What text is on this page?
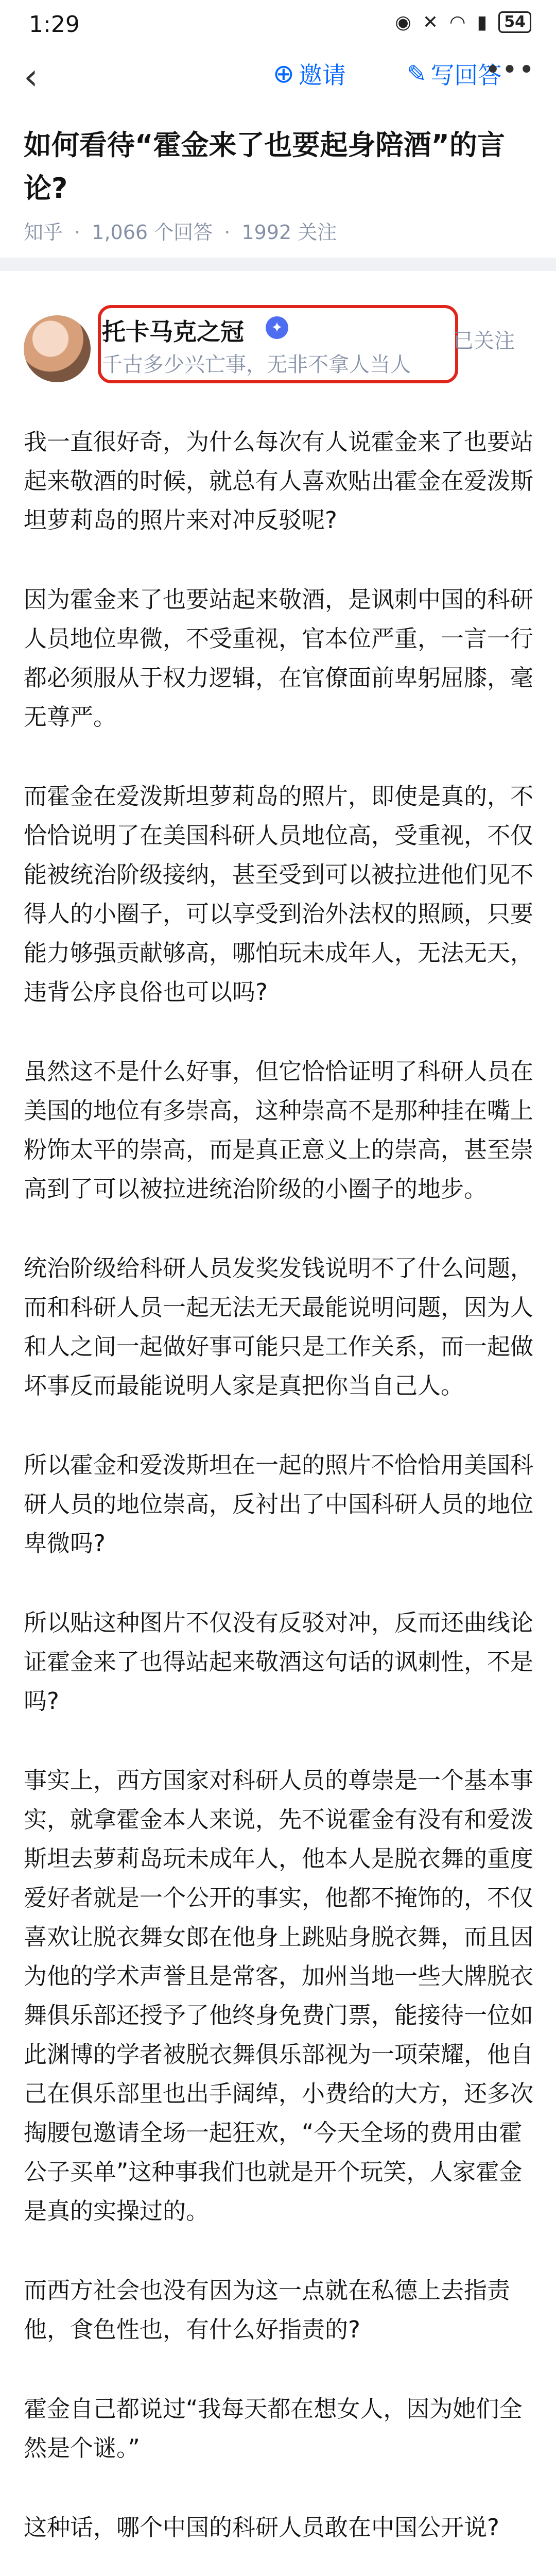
1:29	◉ ✕ ◠ ▮	54
‹	⊕ 邀请	✎ 写回答
•••
如何看待“霍金来了也要起身陪酒”的言论?
知乎 · 1,066 个回答 · 1992 关注
托卡马克之冠	✦
千古多少兴亡事，无非不拿人当人
已关注

我一直很好奇，为什么每次有人说霍金来了也要站起来敬酒的时候，就总有人喜欢贴出霍金在爱泼斯坦萝莉岛的照片来对冲反驳呢?

因为霍金来了也要站起来敬酒，是讽刺中国的科研人员地位卑微，不受重视，官本位严重，一言一行都必须服从于权力逻辑，在官僚面前卑躬屈膝，毫无尊严。

而霍金在爱泼斯坦萝莉岛的照片，即使是真的，不恰恰说明了在美国科研人员地位高，受重视，不仅能被统治阶级接纳，甚至受到可以被拉进他们见不得人的小圈子，可以享受到治外法权的照顾，只要能力够强贡献够高，哪怕玩未成年人，无法无天，违背公序良俗也可以吗?

虽然这不是什么好事，但它恰恰证明了科研人员在美国的地位有多崇高，这种崇高不是那种挂在嘴上粉饰太平的崇高，而是真正意义上的崇高，甚至崇高到了可以被拉进统治阶级的小圈子的地步。

统治阶级给科研人员发奖发钱说明不了什么问题，而和科研人员一起无法无天最能说明问题，因为人和人之间一起做好事可能只是工作关系，而一起做坏事反而最能说明人家是真把你当自己人。

所以霍金和爱泼斯坦在一起的照片不恰恰用美国科研人员的地位崇高，反衬出了中国科研人员的地位卑微吗?

所以贴这种图片不仅没有反驳对冲，反而还曲线论证霍金来了也得站起来敬酒这句话的讽刺性，不是吗?

事实上，西方国家对科研人员的尊崇是一个基本事实，就拿霍金本人来说，先不说霍金有没有和爱泼斯坦去萝莉岛玩未成年人，他本人是脱衣舞的重度爱好者就是一个公开的事实，他都不掩饰的，不仅喜欢让脱衣舞女郎在他身上跳贴身脱衣舞，而且因为他的学术声誉且是常客，加州当地一些大牌脱衣舞俱乐部还授予了他终身免费门票，能接待一位如此渊博的学者被脱衣舞俱乐部视为一项荣耀，他自己在俱乐部里也出手阔绰，小费给的大方，还多次掏腰包邀请全场一起狂欢，“今天全场的费用由霍公子买单”这种事我们也就是开个玩笑，人家霍金是真的实操过的。

而西方社会也没有因为这一点就在私德上去指责他，食色性也，有什么好指责的?

霍金自己都说过“我每天都在想女人，因为她们全然是个谜。”

这种话，哪个中国的科研人员敢在中国公开说?
